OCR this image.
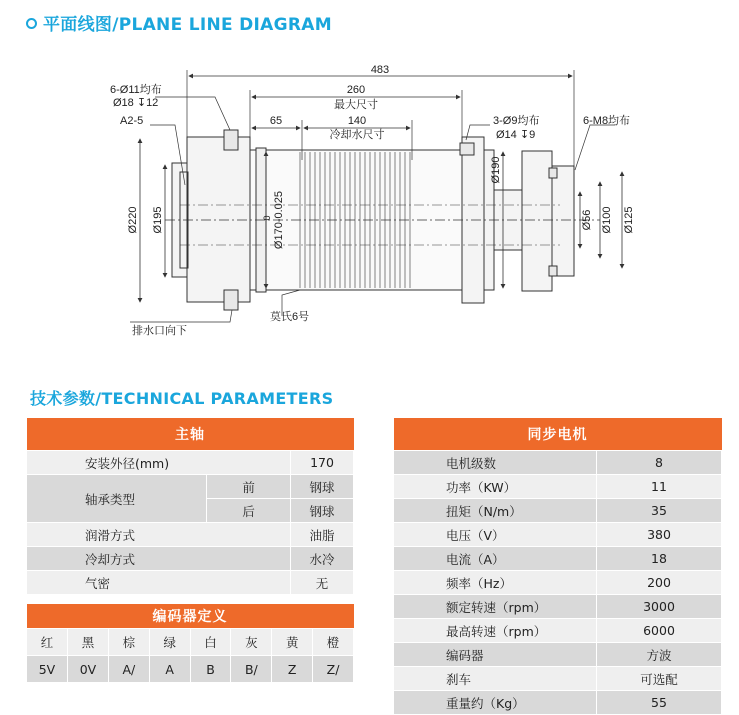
平面线图/PLANE LINE DIAGRAM
483
260
最大尺寸
65	140
冷却水尺寸
6-Ø11均布
Ø18 ↧12
A2-5	3-Ø9均布
Ø14 ↧9
6-M8均布
Ø220 Ø195	Ø170-0.025
0
Ø190
Ø56 Ø100 Ø125
排水口向下
莫氏6号
技术参数/TECHNICAL PARAMETERS
主轴		
安装外径(mm)		170
轴承类型	前	钢球
	后	钢球
润滑方式		油脂
冷却方式		水冷
气密		无
编码器定义							
红	黑	棕	绿	白	灰	黄	橙
5V	0V	A/	A	B	B/	Z	Z/
同步电机	
电机级数	8
功率（KW）	11
扭矩（N/m）	35
电压（V）	380
电流（A）	18
频率（Hz）	200
额定转速（rpm）	3000
最高转速（rpm）	6000
编码器	方波
刹车	可选配
重量约（Kg）	55
